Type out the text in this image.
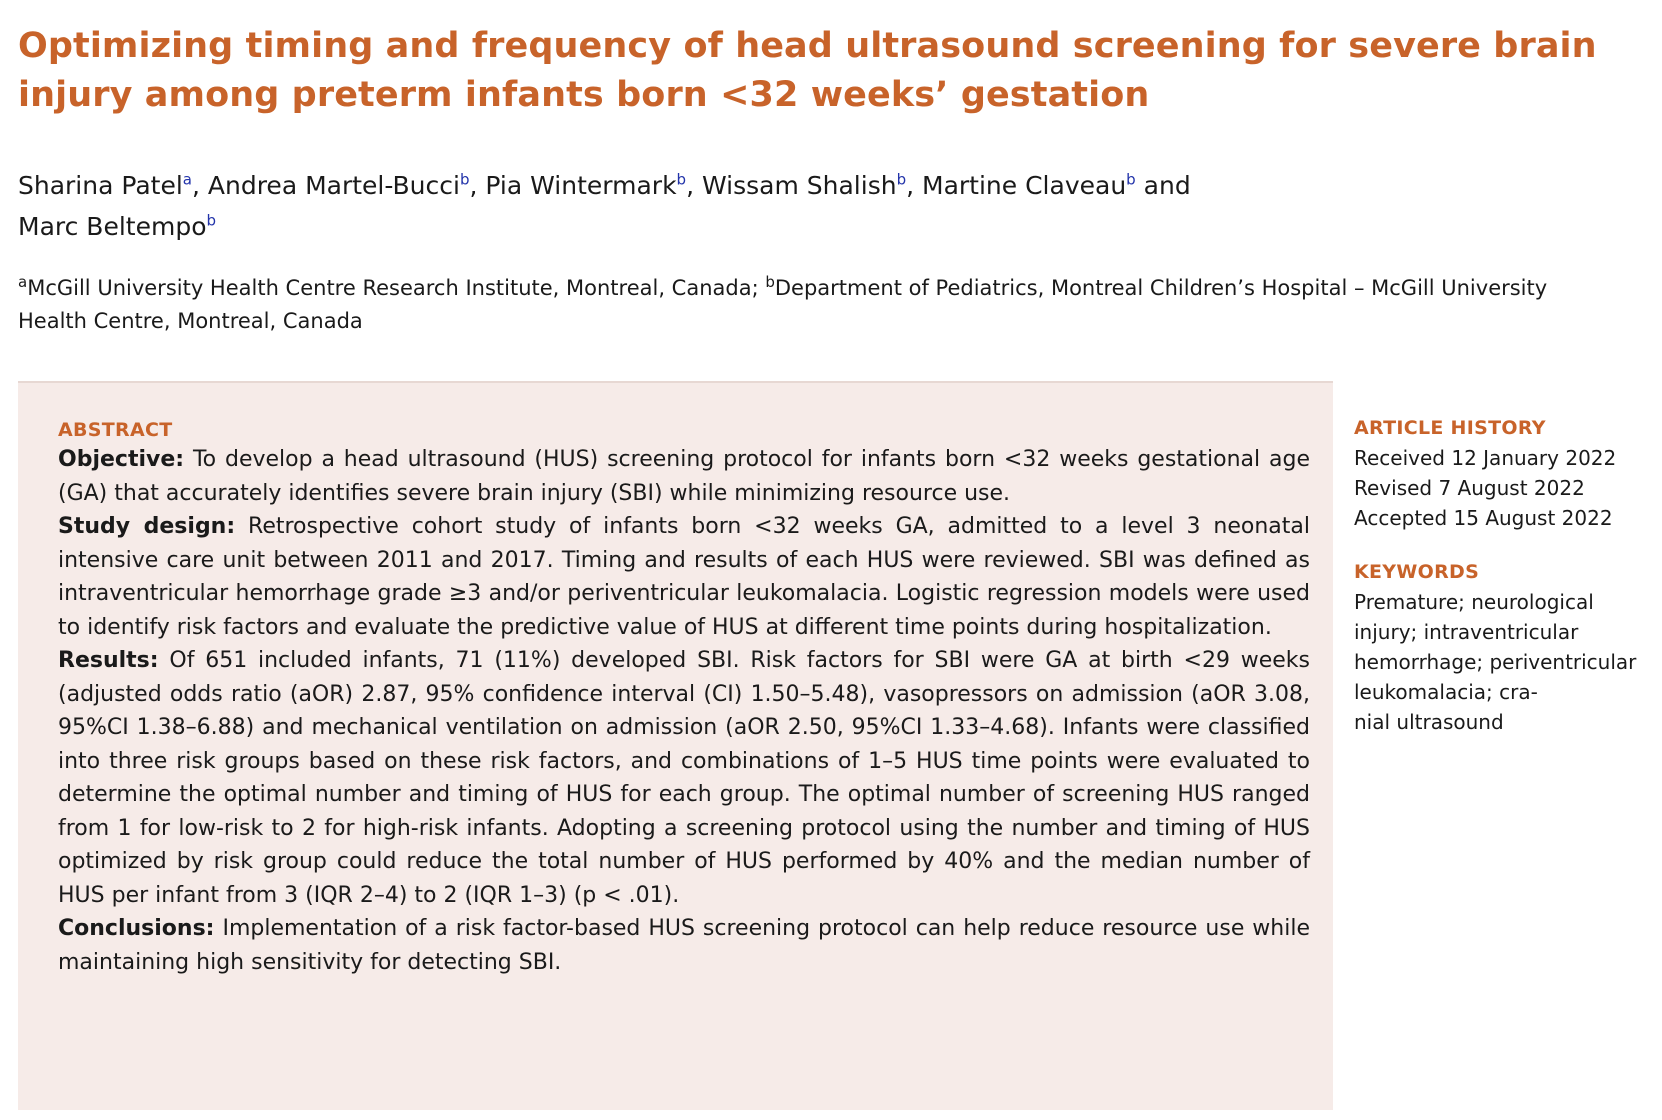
Optimizing timing and frequency of head ultrasound screening for severe brain injury among preterm infants born <32 weeks’ gestation
Sharina Patel$^a$, Andrea Martel-Bucci$^b$, Pia Wintermark$^b$, Wissam Shalish$^b$, Martine Claveau$^b$ and
Marc Beltempo$^b$
$^a$McGill University Health Centre Research Institute, Montreal, Canada; $^b$Department of Pediatrics, Montreal Children’s Hospital – McGill University Health Centre, Montreal, Canada
ABSTRACT

Objective: To develop a head ultrasound (HUS) screening protocol for infants born <32 weeks gestational age (GA) that accurately identifies severe brain injury (SBI) while minimizing resource use.

Study design: Retrospective cohort study of infants born <32 weeks GA, admitted to a level 3 neonatal intensive care unit between 2011 and 2017. Timing and results of each HUS were reviewed. SBI was defined as intraventricular hemorrhage grade ≥3 and/or periventricular leukomalacia. Logistic regression models were used to identify risk factors and evaluate the predictive value of HUS at different time points during hospitalization.

Results: Of 651 included infants, 71 (11%) developed SBI. Risk factors for SBI were GA at birth <29 weeks (adjusted odds ratio (aOR) 2.87, 95% confidence interval (CI) 1.50–5.48), vasopressors on admission (aOR 3.08, 95%CI 1.38–6.88) and mechanical ventilation on admission (aOR 2.50, 95%CI 1.33–4.68). Infants were classified into three risk groups based on these risk factors, and combinations of 1–5 HUS time points were evaluated to determine the optimal number and timing of HUS for each group. The optimal number of screening HUS ranged from 1 for low-risk to 2 for high-risk infants. Adopting a screening protocol using the number and timing of HUS optimized by risk group could reduce the total number of HUS performed by 40% and the median number of HUS per infant from 3 (IQR 2–4) to 2 (IQR 1–3) (p < .01).

Conclusions: Implementation of a risk factor-based HUS screening protocol can help reduce resource use while maintaining high sensitivity for detecting SBI.

ARTICLE HISTORY
Received 12 January 2022
Revised 7 August 2022
Accepted 15 August 2022
KEYWORDS
Premature; neurological
injury; intraventricular
hemorrhage; periventricular
leukomalacia; cra-
nial ultrasound
